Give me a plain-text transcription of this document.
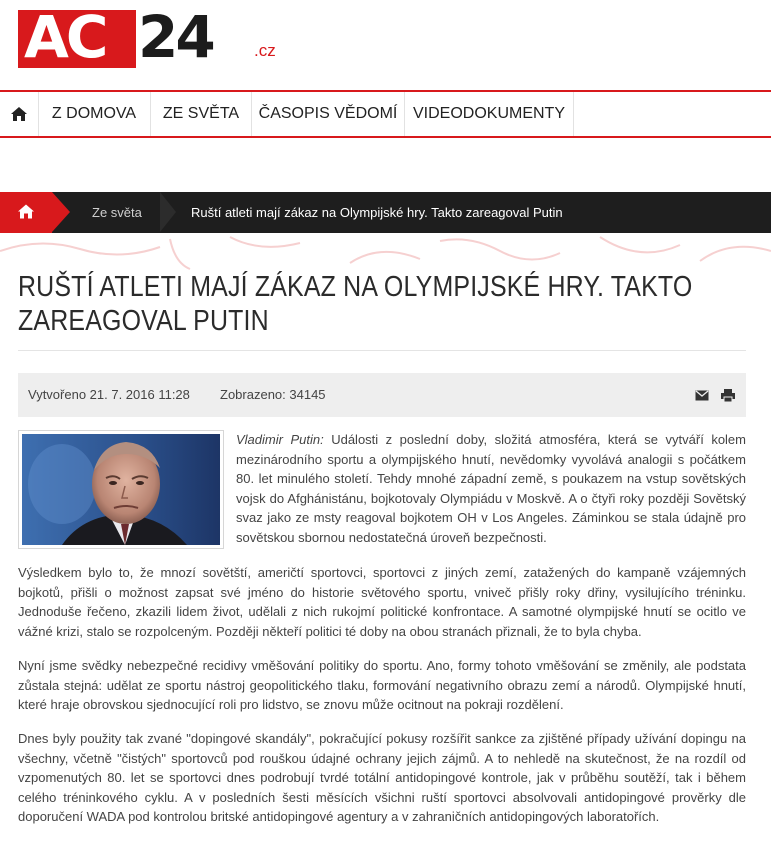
AC 24 .cz
Z DOMOVA	ZE SVĚTA	ČASOPIS VĚDOMÍ VIDEODOKUMENTY
Ze světa	Ruští atleti mají zákaz na Olympijské hry. Takto zareagoval Putin
RUŠTÍ ATLETI MAJÍ ZÁKAZ NA OLYMPIJSKÉ HRY. TAKTO ZAREAGOVAL PUTIN
Vytvořeno 21. 7. 2016 11:28 Zobrazeno: 34145
Vladimir Putin: Události z poslední doby, složitá atmosféra, která se vytváří kolem mezinárodního sportu a olympijského hnutí, nevědomky vyvolává analogii s počátkem 80. let minulého století. Tehdy mnohé západní země, s poukazem na vstup sovětských vojsk do Afghánistánu, bojkotovaly Olympiádu v Moskvě. A o čtyři roky později Sovětský svaz jako ze msty reagoval bojkotem OH v Los Angeles. Záminkou se stala údajně pro sovětskou sbornou nedostatečná úroveň bezpečnosti.
Výsledkem bylo to, že mnozí sovětští, američtí sportovci, sportovci z jiných zemí, zatažených do kampaně vzájemných bojkotů, přišli o možnost zapsat své jméno do historie světového sportu, vniveč přišly roky dřiny, vysilujícího tréninku. Jednoduše řečeno, zkazili lidem život, udělali z nich rukojmí politické konfrontace. A samotné olympijské hnutí se ocitlo ve vážné krizi, stalo se rozpolceným. Později někteří politici té doby na obou stranách přiznali, že to byla chyba.
Nyní jsme svědky nebezpečné recidivy vměšování politiky do sportu. Ano, formy tohoto vměšování se změnily, ale podstata zůstala stejná: udělat ze sportu nástroj geopolitického tlaku, formování negativního obrazu zemí a národů. Olympijské hnutí, které hraje obrovskou sjednocující roli pro lidstvo, se znovu může ocitnout na pokraji rozdělení.
Dnes byly použity tak zvané "dopingové skandály", pokračující pokusy rozšířit sankce za zjištěné případy užívání dopingu na všechny, včetně "čistých" sportovců pod rouškou údajné ochrany jejich zájmů. A to nehledě na skutečnost, že na rozdíl od vzpomenutých 80. let se sportovci dnes podrobují tvrdé totální antidopingové kontrole, jak v průběhu soutěží, tak i během celého tréninkového cyklu. A v posledních šesti měsících všichni ruští sportovci absolvovali antidopingové prověrky dle doporučení WADA pod kontrolou britské antidopingové agentury a v zahraničních antidopingových laboratořích.
